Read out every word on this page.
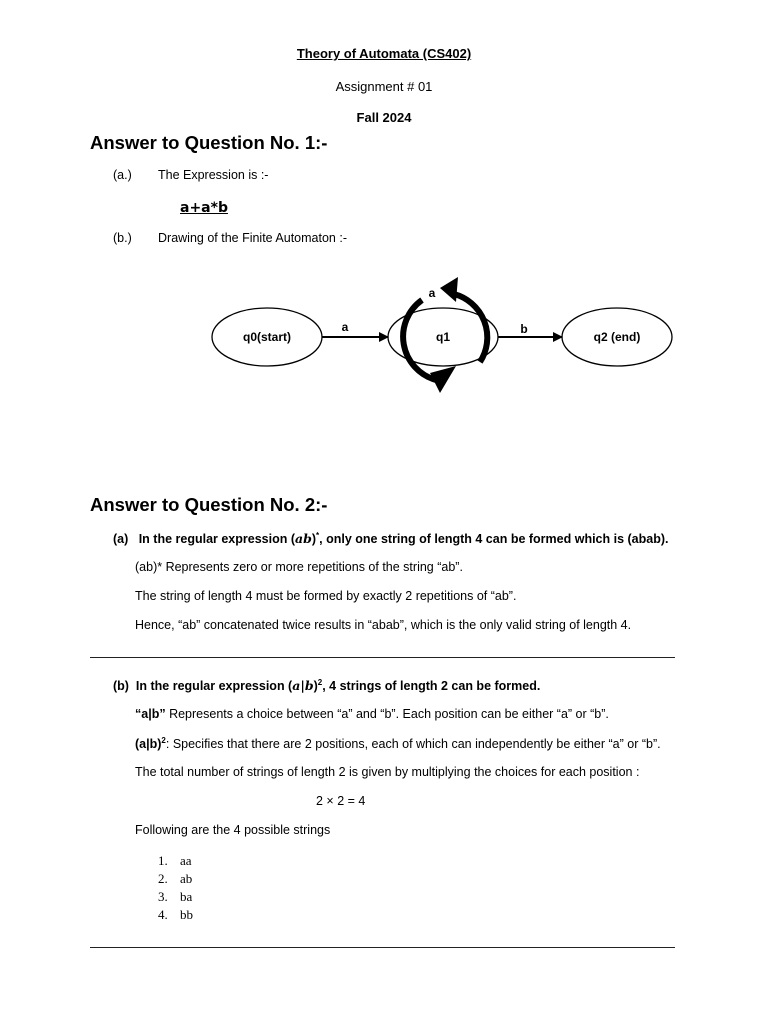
Theory of Automata (CS402)
Assignment # 01
Fall 2024
Answer to Question No. 1:-
(a.) The Expression is :-
a+a*b
(b.) Drawing of the Finite Automaton :-
q0(start)	q1	q2 (end)
a	b
a
Answer to Question No. 2:-
(a) In the regular expression (ab)*, only one string of length 4 can be formed which is (abab).
(ab)* Represents zero or more repetitions of the string “ab”.
The string of length 4 must be formed by exactly 2 repetitions of “ab”.
Hence, “ab” concatenated twice results in “abab”, which is the only valid string of length 4.
(b) In the regular expression $(a|b)^2$, 4 strings of length 2 can be formed.
“a|b” Represents a choice between “a” and “b”. Each position can be either “a” or “b”.
$(a|b)^2$: Specifies that there are 2 positions, each of which can independently be either “a” or “b”.
The total number of strings of length 2 is given by multiplying the choices for each position :
2 × 2 = 4
Following are the 4 possible strings
1. aa
2. ab
3. ba
4. bb
